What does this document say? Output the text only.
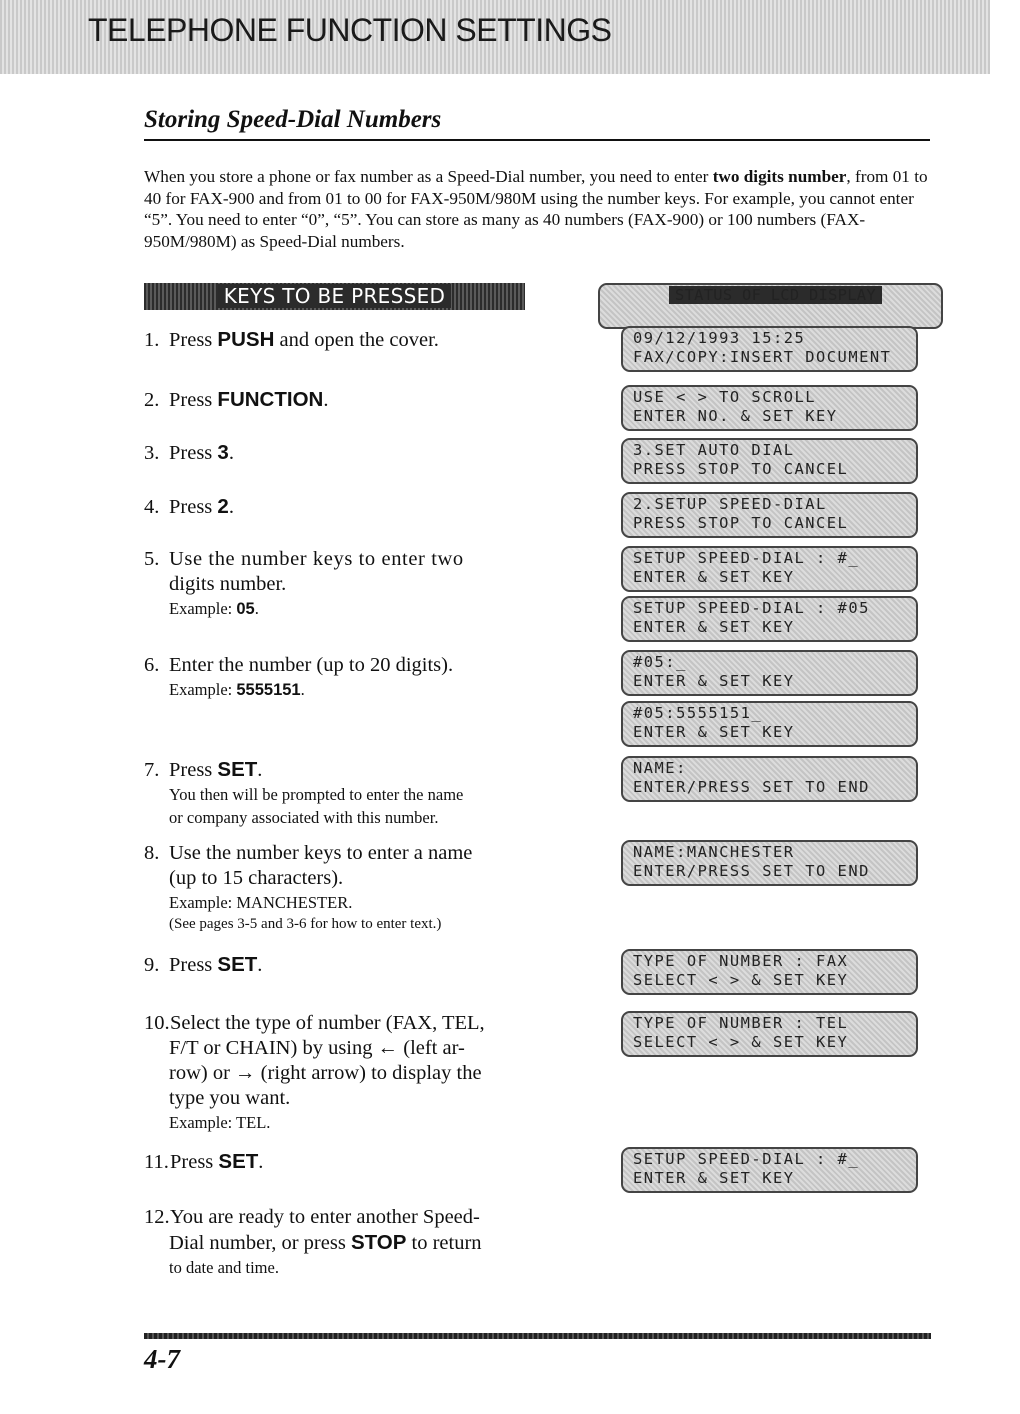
TELEPHONE FUNCTION SETTINGS
Storing Speed-Dial Numbers

When you store a phone or fax number as a Speed-Dial number, you need to enter two digits number, from 01 to 40 for FAX-900 and from 01 to 00 for FAX-950M/980M using the number keys. For example, you cannot enter “5”. You need to enter “0”, “5”. You can store as many as 40 numbers (FAX-900) or 100 numbers (FAX-950M/980M) as Speed-Dial numbers.

KEYS TO BE PRESSED	STATUS OF LCD DISPLAY
1. Press PUSH and open the cover.
2. Press FUNCTION.
3. Press 3.
4. Press 2.
5. Use the number keys to enter two
digits number.
Example: 05.
6. Enter the number (up to 20 digits).
Example: 5555151.
7. Press SET.
You then will be prompted to enter the name
or company associated with this number.
8. Use the number keys to enter a name
(up to 15 characters).
Example: MANCHESTER.
(See pages 3-5 and 3-6 for how to enter text.)
9. Press SET.
10.Select the type of number (FAX, TEL,
F/T or CHAIN) by using ← (left ar-
row) or → (right arrow) to display the
type you want.
Example: TEL.
11.Press SET.
12.You are ready to enter another Speed-
Dial number, or press STOP to return
to date and time.
09/12/1993 15:25
FAX/COPY:INSERT DOCUMENT
USE < > TO SCROLL
ENTER NO. & SET KEY
3.SET AUTO DIAL
PRESS STOP TO CANCEL
2.SETUP SPEED-DIAL
PRESS STOP TO CANCEL
SETUP SPEED-DIAL : #_
ENTER & SET KEY
SETUP SPEED-DIAL : #05
ENTER & SET KEY
#05:_
ENTER & SET KEY
#05:5555151_
ENTER & SET KEY
NAME:
ENTER/PRESS SET TO END
NAME:MANCHESTER
ENTER/PRESS SET TO END
TYPE OF NUMBER : FAX
SELECT < > & SET KEY
TYPE OF NUMBER : TEL
SELECT < > & SET KEY
SETUP SPEED-DIAL : #_
ENTER & SET KEY
4-7
